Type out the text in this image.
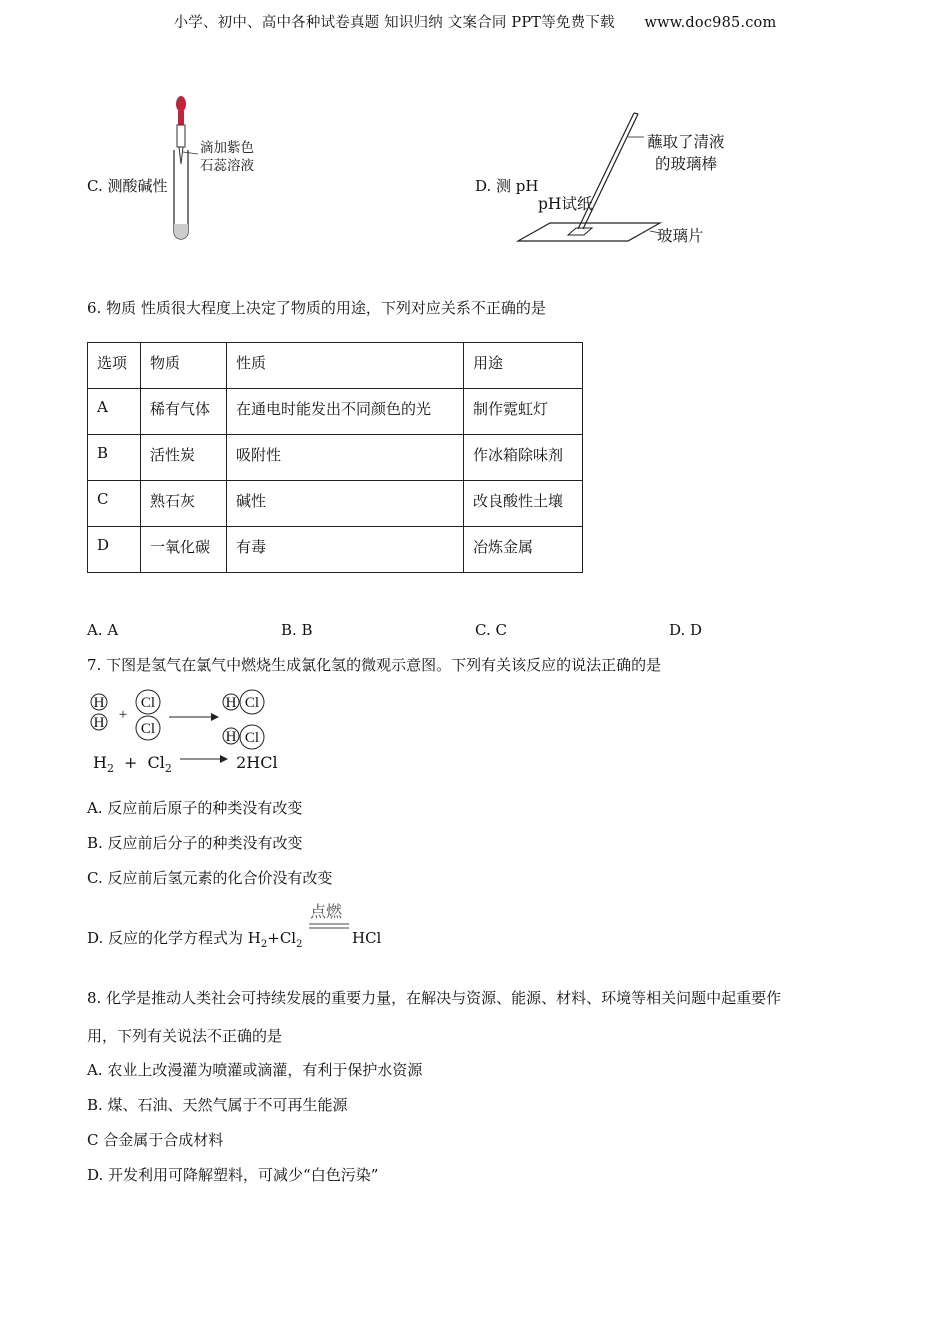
小学、初中、高中各种试卷真题 知识归纳 文案合同 PPT等免费下载 www.doc985.com
滴加紫色
石蕊溶液
C. 测酸碱性	D. 测 pH
蘸取了清液
的玻璃棒
pH试纸
玻璃片
6. 物质 性质很大程度上决定了物质的用途，下列对应关系不正确的是
选项	物质	性质	用途
A	稀有气体	在通电时能发出不同颜色的光	制作霓虹灯
B	活性炭	吸附性	作冰箱除味剂
C	熟石灰	碱性	改良酸性土壤
D	一氧化碳	有毒	冶炼金属
A. A	B. B	C. C	D. D
7. 下图是氢气在氯气中燃烧生成氯化氢的微观示意图。下列有关该反应的说法正确的是
H
H +
Cl
Cl
H Cl
H Cl
$H_2 + Cl_2$	2HCl
A. 反应前后原子的种类没有改变
B. 反应前后分子的种类没有改变
C. 反应前后氢元素的化合价没有改变
点燃
D. 反应的化学方程式为 $H_2+Cl_2$	HCl
8. 化学是推动人类社会可持续发展的重要力量，在解决与资源、能源、材料、环境等相关问题中起重要作
用，下列有关说法不正确的是
A. 农业上改漫灌为喷灌或滴灌，有利于保护水资源
B. 煤、石油、天然气属于不可再生能源
C 合金属于合成材料
D. 开发利用可降解塑料，可减少“白色污染”
